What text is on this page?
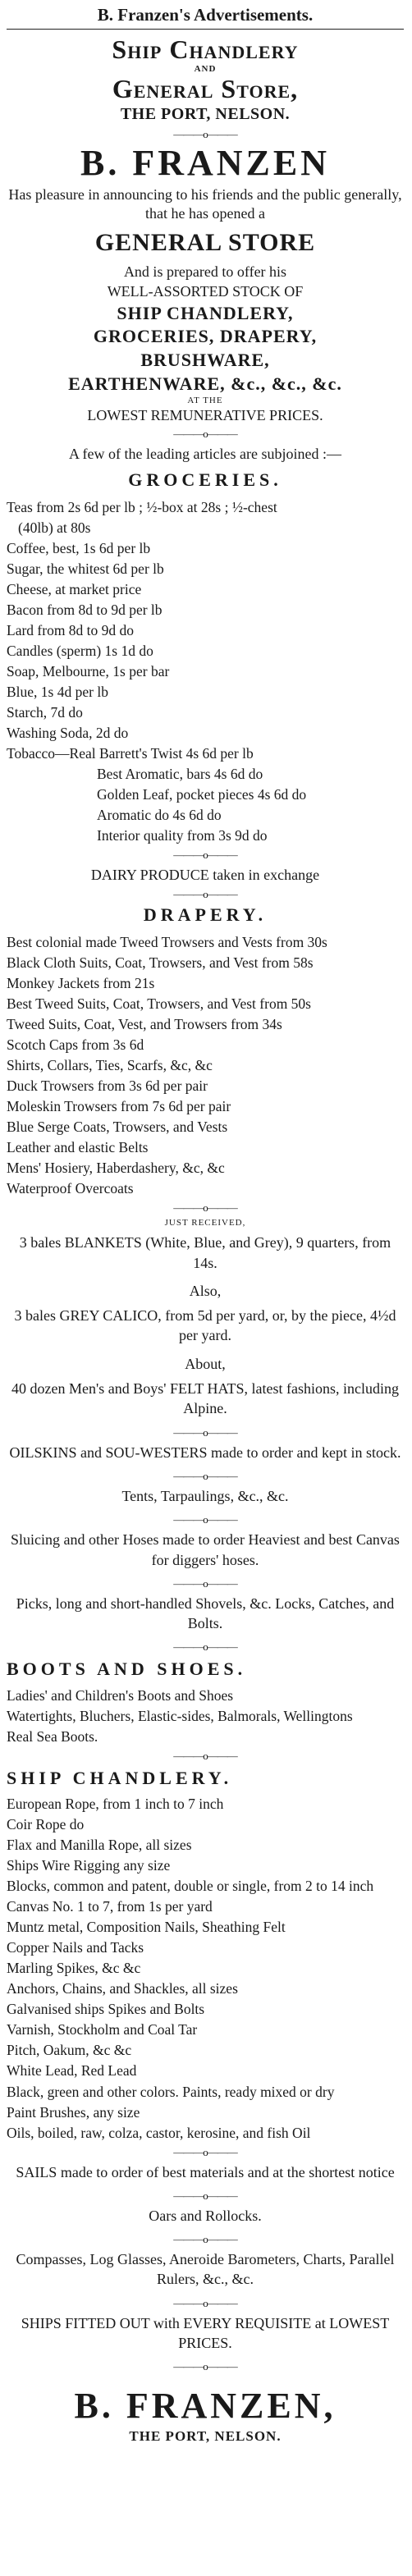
B. Franzen's Advertisements.
Ship Chandlery
AND
General Store,
THE PORT, NELSON.
———o———
B. FRANZEN
Has pleasure in announcing to his friends and the public generally, that he has opened a
GENERAL STORE
And is prepared to offer his
WELL-ASSORTED STOCK OF
SHIP CHANDLERY,
GROCERIES, DRAPERY,
BRUSHWARE,
EARTHENWARE, &c., &c., &c.
AT THE
LOWEST REMUNERATIVE PRICES.
———o———
A few of the leading articles are subjoined :—
GROCERIES.
Teas from 2s 6d per lb ; ½-box at 28s ; ½-chest
(40lb) at 80s
Coffee, best, 1s 6d per lb
Sugar, the whitest 6d per lb
Cheese, at market price
Bacon from 8d to 9d per lb
Lard from 8d to 9d do
Candles (sperm) 1s 1d do
Soap, Melbourne, 1s per bar
Blue, 1s 4d per lb
Starch, 7d do
Washing Soda, 2d do
Tobacco—Real Barrett's Twist 4s 6d per lb
Best Aromatic, bars 4s 6d do
Golden Leaf, pocket pieces 4s 6d do
Aromatic do 4s 6d do
Interior quality from 3s 9d do
———o———
DAIRY PRODUCE taken in exchange
———o———
DRAPERY.
Best colonial made Tweed Trowsers and Vests from 30s
Black Cloth Suits, Coat, Trowsers, and Vest from 58s
Monkey Jackets from 21s
Best Tweed Suits, Coat, Trowsers, and Vest from 50s
Tweed Suits, Coat, Vest, and Trowsers from 34s
Scotch Caps from 3s 6d
Shirts, Collars, Ties, Scarfs, &c, &c
Duck Trowsers from 3s 6d per pair
Moleskin Trowsers from 7s 6d per pair
Blue Serge Coats, Trowsers, and Vests
Leather and elastic Belts
Mens' Hosiery, Haberdashery, &c, &c
Waterproof Overcoats
———o———
JUST RECEIVED,
3 bales BLANKETS (White, Blue, and Grey), 9 quarters, from 14s.
Also,
3 bales GREY CALICO, from 5d per yard, or, by the piece, 4½d per yard.
About,
40 dozen Men's and Boys' FELT HATS, latest fashions, including Alpine.
———o———
OILSKINS and SOU-WESTERS made to order and kept in stock.
———o———
Tents, Tarpaulings, &c., &c.
———o———
Sluicing and other Hoses made to order Heaviest and best Canvas for diggers' hoses.
———o———
Picks, long and short-handled Shovels, &c. Locks, Catches, and Bolts.
———o———
BOOTS AND SHOES.
Ladies' and Children's Boots and Shoes
Watertights, Bluchers, Elastic-sides, Balmorals, Wellingtons
Real Sea Boots.
———o———
SHIP CHANDLERY.
European Rope, from 1 inch to 7 inch
Coir Rope do
Flax and Manilla Rope, all sizes
Ships Wire Rigging any size
Blocks, common and patent, double or single, from 2 to 14 inch
Canvas No. 1 to 7, from 1s per yard
Muntz metal, Composition Nails, Sheathing Felt
Copper Nails and Tacks
Marling Spikes, &c &c
Anchors, Chains, and Shackles, all sizes
Galvanised ships Spikes and Bolts
Varnish, Stockholm and Coal Tar
Pitch, Oakum, &c &c
White Lead, Red Lead
Black, green and other colors. Paints, ready mixed or dry
Paint Brushes, any size
Oils, boiled, raw, colza, castor, kerosine, and fish Oil
———o———
SAILS made to order of best materials and at the shortest notice
———o———
Oars and Rollocks.
———o———
Compasses, Log Glasses, Aneroide Barometers, Charts, Parallel Rulers, &c., &c.
———o———
SHIPS FITTED OUT with EVERY REQUISITE at LOWEST PRICES.
———o———
B. FRANZEN,
THE PORT, NELSON.
